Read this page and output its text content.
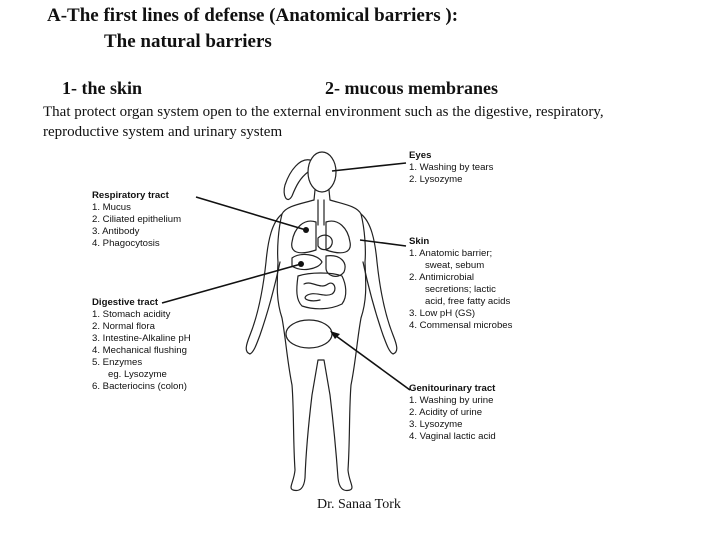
A-The first lines of defense (Anatomical barriers ):
The natural barriers
1- the skin	2- mucous membranes
That protect organ system open to the external environment such as the digestive, respiratory, reproductive system and urinary system
Respiratory tract
1. Mucus
2. Ciliated epithelium
3. Antibody
4. Phagocytosis
Digestive tract
1. Stomach acidity
2. Normal flora
3. Intestine-Alkaline pH
4. Mechanical flushing
5. Enzymes
eg. Lysozyme
6. Bacteriocins (colon)
Eyes
1. Washing by tears
2. Lysozyme
Skin
1. Anatomic barrier;
sweat, sebum
2. Antimicrobial
secretions; lactic
acid, free fatty acids
3. Low pH (GS)
4. Commensal microbes
Genitourinary tract
1. Washing by urine
2. Acidity of urine
3. Lysozyme
4. Vaginal lactic acid
Dr. Sanaa Tork
